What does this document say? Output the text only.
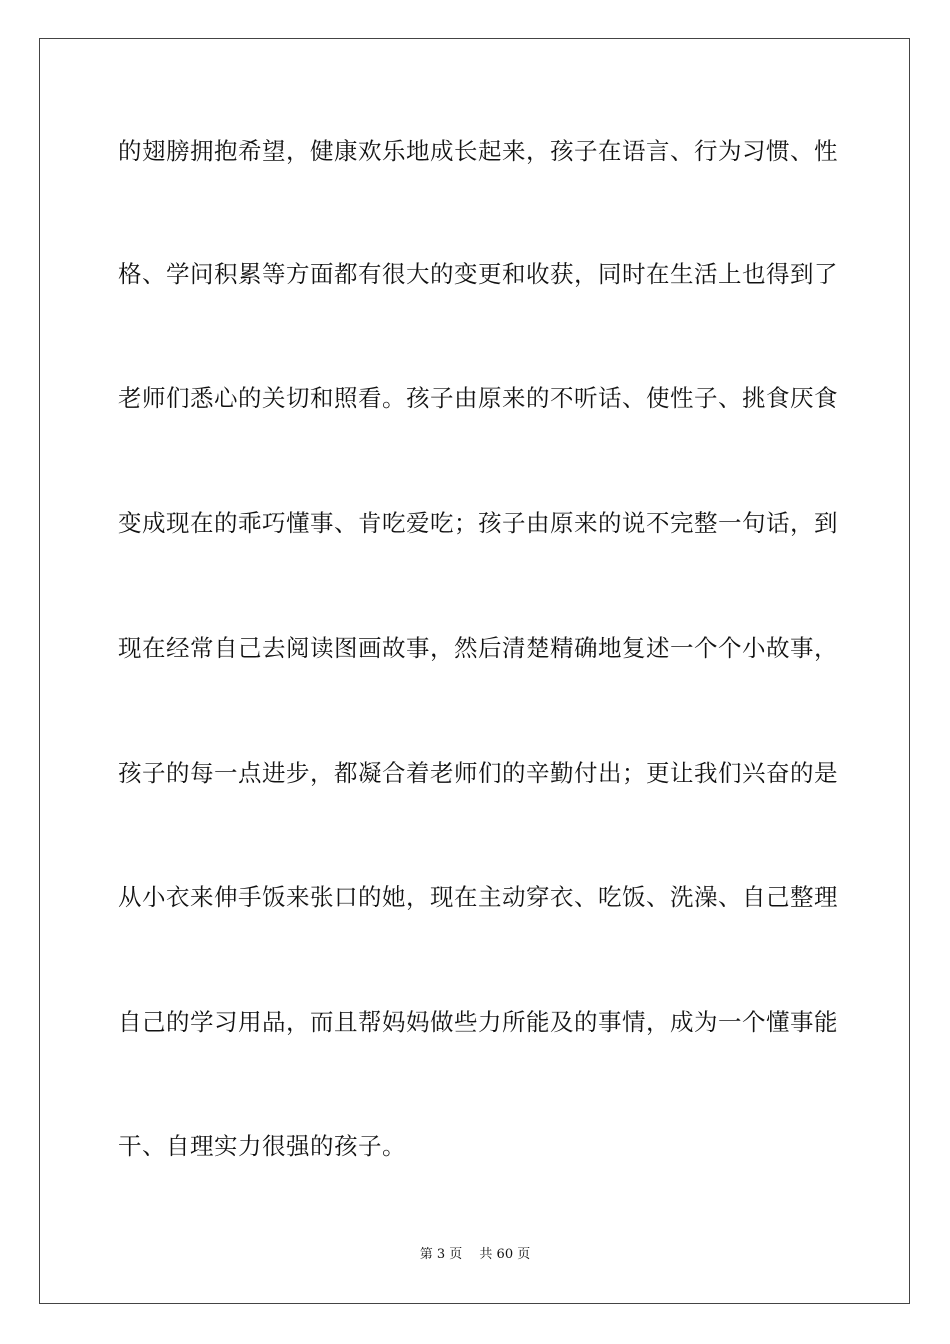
的翅膀拥抱希望，健康欢乐地成长起来，孩子在语言、行为习惯、性
格、学问积累等方面都有很大的变更和收获，同时在生活上也得到了
老师们悉心的关切和照看。孩子由原来的不听话、使性子、挑食厌食
变成现在的乖巧懂事、肯吃爱吃；孩子由原来的说不完整一句话，到
现在经常自己去阅读图画故事，然后清楚精确地复述一个个小故事，
孩子的每一点进步，都凝合着老师们的辛勤付出；更让我们兴奋的是
从小衣来伸手饭来张口的她，现在主动穿衣、吃饭、洗澡、自己整理
自己的学习用品，而且帮妈妈做些力所能及的事情，成为一个懂事能
干、自理实力很强的孩子。
第 3 页　 共 60 页
